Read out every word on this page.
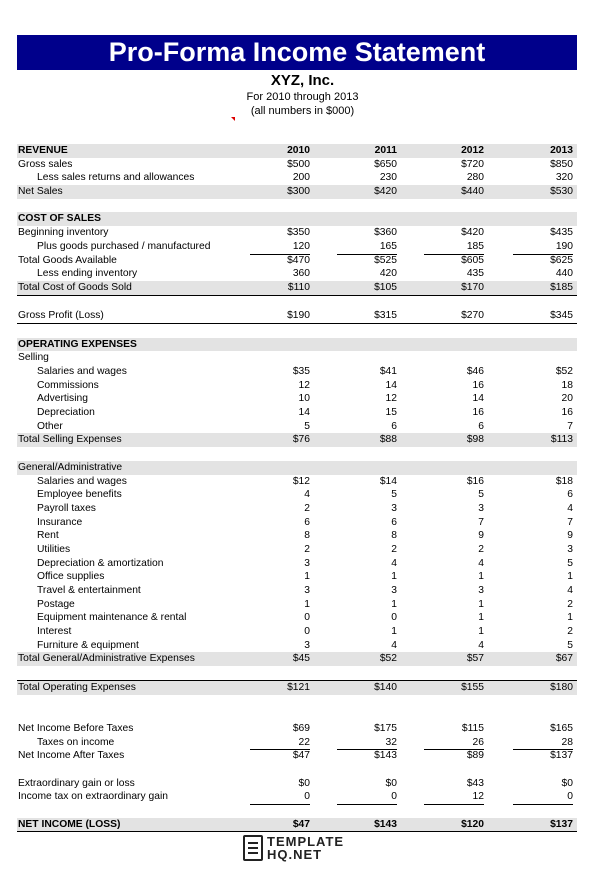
Pro-Forma Income Statement
XYZ, Inc.
For 2010 through 2013
(all numbers in $000)
REVENUE	2010	2011	2012	2013
Gross sales	$500	$650	$720	$850
Less sales returns and allowances	200	230	280	320
Net Sales	$300	$420	$440	$530
COST OF SALES
Beginning inventory	$350	$360	$420	$435
Plus goods purchased / manufactured	120	165	185	190
Total Goods Available	$470	$525	$605	$625
Less ending inventory	360	420	435	440
Total Cost of Goods Sold	$110	$105	$170	$185
Gross Profit (Loss)	$190	$315	$270	$345
OPERATING EXPENSES
Selling
Salaries and wages	$35	$41	$46	$52
Commissions	12	14	16	18
Advertising	10	12	14	20
Depreciation	14	15	16	16
Other	5	6	6	7
Total Selling Expenses	$76	$88	$98	$113
General/Administrative
Salaries and wages	$12	$14	$16	$18
Employee benefits	4	5	5	6
Payroll taxes	2	3	3	4
Insurance	6	6	7	7
Rent	8	8	9	9
Utilities	2	2	2	3
Depreciation & amortization	3	4	4	5
Office supplies	1	1	1	1
Travel & entertainment	3	3	3	4
Postage	1	1	1	2
Equipment maintenance & rental	0	0	1	1
Interest	0	1	1	2
Furniture & equipment	3	4	4	5
Total General/Administrative Expenses	$45	$52	$57	$67
Total Operating Expenses	$121	$140	$155	$180
Net Income Before Taxes	$69	$175	$115	$165
Taxes on income	22	32	26	28
Net Income After Taxes	$47	$143	$89	$137
Extraordinary gain or loss	$0	$0	$43	$0
Income tax on extraordinary gain	0	0	12	0
NET INCOME (LOSS)	$47	$143	$120	$137
TEMPLATE
HQ.NET
